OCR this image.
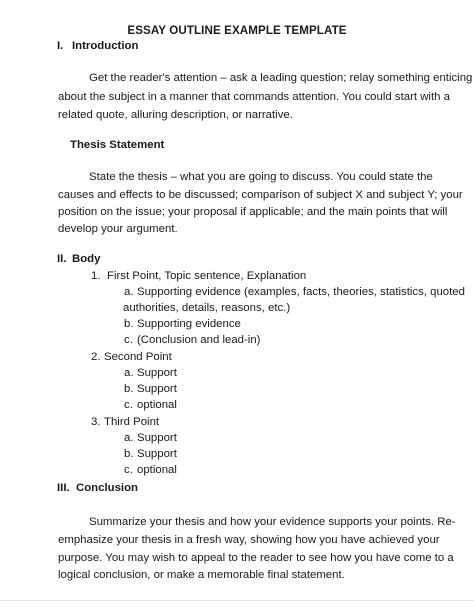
ESSAY OUTLINE EXAMPLE TEMPLATE
I. Introduction
Get the reader's attention – ask a leading question; relay something enticing
about the subject in a manner that commands attention. You could start with a
related quote, alluring description, or narrative.
Thesis Statement
State the thesis – what you are going to discuss. You could state the
causes and effects to be discussed; comparison of subject X and subject Y; your
position on the issue; your proposal if applicable; and the main points that will
develop your argument.
II. Body
1. First Point, Topic sentence, Explanation
a. Supporting evidence (examples, facts, theories, statistics, quoted
authorities, details, reasons, etc.)
b. Supporting evidence
c. (Conclusion and lead-in)
2. Second Point
a. Support
b. Support
c. optional
3. Third Point
a. Support
b. Support
c. optional
III. Conclusion
Summarize your thesis and how your evidence supports your points. Re-
emphasize your thesis in a fresh way, showing how you have achieved your
purpose. You may wish to appeal to the reader to see how you have come to a
logical conclusion, or make a memorable final statement.
